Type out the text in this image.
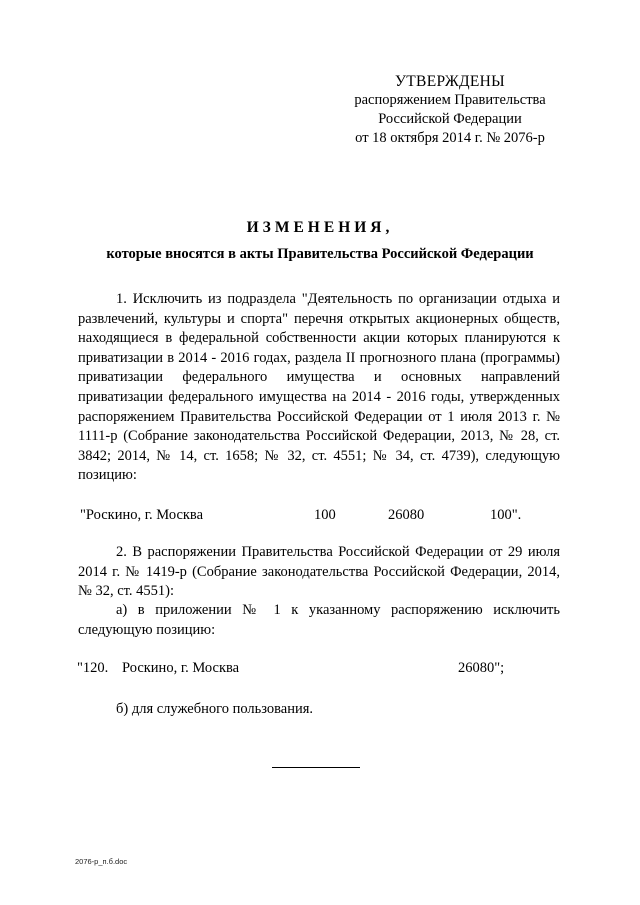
УТВЕРЖДЕНЫ
распоряжением Правительства
Российской Федерации
от 18 октября 2014 г. № 2076-р
ИЗМЕНЕНИЯ,
которые вносятся в акты Правительства Российской Федерации
1. Исключить из подраздела "Деятельность по организации отдыха и развлечений, культуры и спорта" перечня открытых акционерных обществ, находящиеся в федеральной собственности акции которых планируются к приватизации в 2014 - 2016 годах, раздела II прогнозного плана (программы) приватизации федерального имущества и основных направлений приватизации федерального имущества на 2014 - 2016 годы, утвержденных распоряжением Правительства Российской Федерации от 1 июля 2013 г. № 1111-р (Собрание законодательства Российской Федерации, 2013, № 28, ст. 3842; 2014, № 14, ст. 1658; № 32, ст. 4551; № 34, ст. 4739), следующую позицию:
"Роскино, г. Москва	100	26080	100".
2. В распоряжении Правительства Российской Федерации от 29 июля 2014 г. № 1419-р (Собрание законодательства Российской Федерации, 2014, № 32, ст. 4551):
а) в приложении № 1 к указанному распоряжению исключить следующую позицию:
"120. Роскино, г. Москва	26080";
б) для служебного пользования.
2076-р_п.б.doc
